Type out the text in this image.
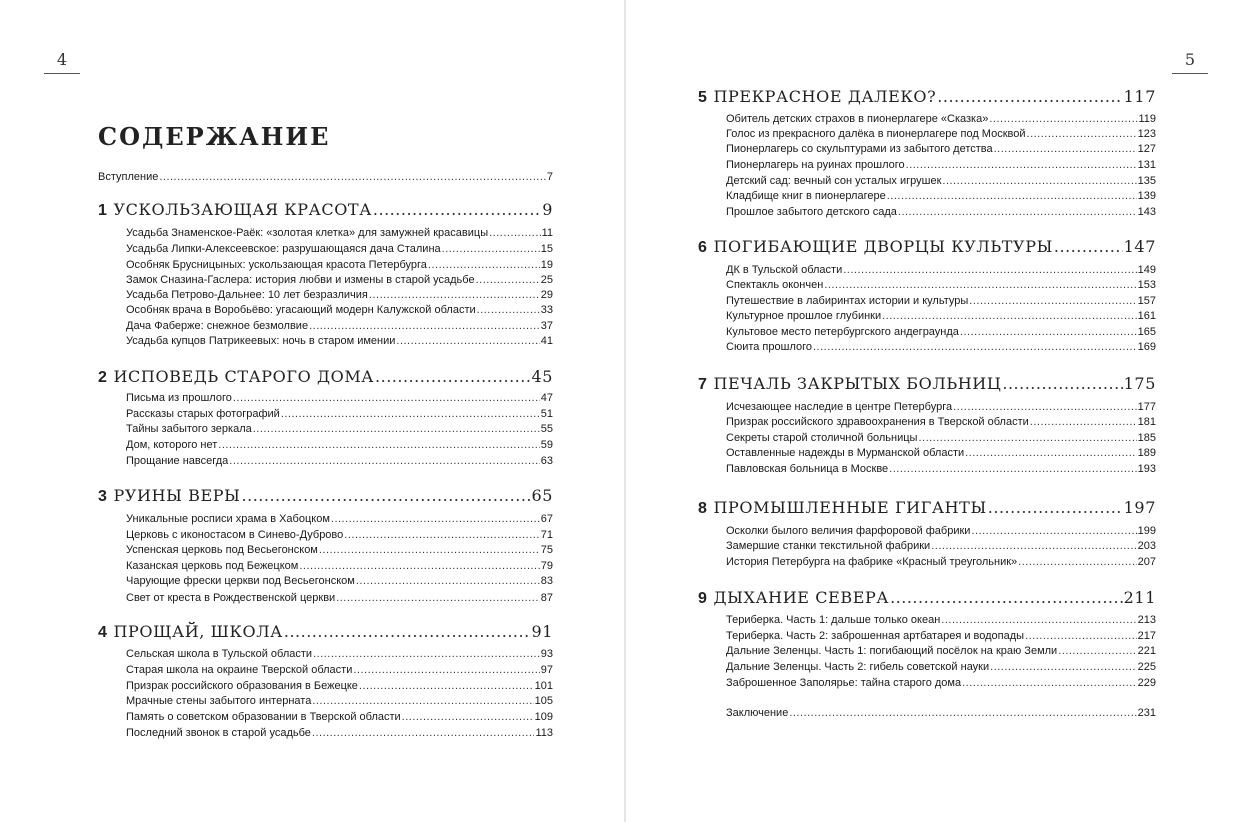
4
СОДЕРЖАНИЕ
Вступление .....	7
1 УСКОЛЬЗАЮЩАЯ КРАСОТА .....	9
Усадьба Знаменское-Раёк: «золотая клетка» для замужней красавицы .....	11
Усадьба Липки-Алексеевское: разрушающаяся дача Сталина .....	15
Особняк Брусницыных: ускользающая красота Петербурга .....	19
Замок Сназина-Гаслера: история любви и измены в старой усадьбе .....	25
Усадьба Петрово-Дальнее: 10 лет безразличия .....	29
Особняк врача в Воробьёво: угасающий модерн Калужской области .....	33
Дача Фаберже: снежное безмолвие .....	37
Усадьба купцов Патрикеевых: ночь в старом имении .....	41
2 ИСПОВЕДЬ СТАРОГО ДОМА .....	45
Письма из прошлого .....	47
Рассказы старых фотографий .....	51
Тайны забытого зеркала .....	55
Дом, которого нет .....	59
Прощание навсегда .....	63
3 РУИНЫ ВЕРЫ .....	65
Уникальные росписи храма в Хабоцком .....	67
Церковь с иконостасом в Синево-Дуброво .....	71
Успенская церковь под Весьегонском .....	75
Казанская церковь под Бежецком .....	79
Чарующие фрески церкви под Весьегонском .....	83
Свет от креста в Рождественской церкви .....	87
4 ПРОЩАЙ, ШКОЛА .....	91
Сельская школа в Тульской области .....	93
Старая школа на окраине Тверской области .....	97
Призрак российского образования в Бежецке .....	101
Мрачные стены забытого интерната .....	105
Память о советском образовании в Тверской области .....	109
Последний звонок в старой усадьбе .....	113
5
5 ПРЕКРАСНОЕ ДАЛЕКО? .....	117
Обитель детских страхов в пионерлагере «Сказка» .....	119
Голос из прекрасного далёка в пионерлагере под Москвой .....	123
Пионерлагерь со скульптурами из забытого детства .....	127
Пионерлагерь на руинах прошлого .....	131
Детский сад: вечный сон усталых игрушек .....	135
Кладбище книг в пионерлагере .....	139
Прошлое забытого детского сада .....	143
6 ПОГИБАЮЩИЕ ДВОРЦЫ КУЛЬТУРЫ .....	147
ДК в Тульской области .....	149
Спектакль окончен .....	153
Путешествие в лабиринтах истории и культуры .....	157
Культурное прошлое глубинки .....	161
Культовое место петербургского андеграунда .....	165
Сюита прошлого .....	169
7 ПЕЧАЛЬ ЗАКРЫТЫХ БОЛЬНИЦ .....	175
Исчезающее наследие в центре Петербурга .....	177
Призрак российского здравоохранения в Тверской области .....	181
Секреты старой столичной больницы .....	185
Оставленные надежды в Мурманской области .....	189
Павловская больница в Москве .....	193
8 ПРОМЫШЛЕННЫЕ ГИГАНТЫ .....	197
Осколки былого величия фарфоровой фабрики .....	199
Замершие станки текстильной фабрики .....	203
История Петербурга на фабрике «Красный треугольник» .....	207
9 ДЫХАНИЕ СЕВЕРА .....	211
Териберка. Часть 1: дальше только океан .....	213
Териберка. Часть 2: заброшенная артбатарея и водопады .....	217
Дальние Зеленцы. Часть 1: погибающий посёлок на краю Земли .....	221
Дальние Зеленцы. Часть 2: гибель советской науки .....	225
Заброшенное Заполярье: тайна старого дома .....	229
Заключение .....	231
